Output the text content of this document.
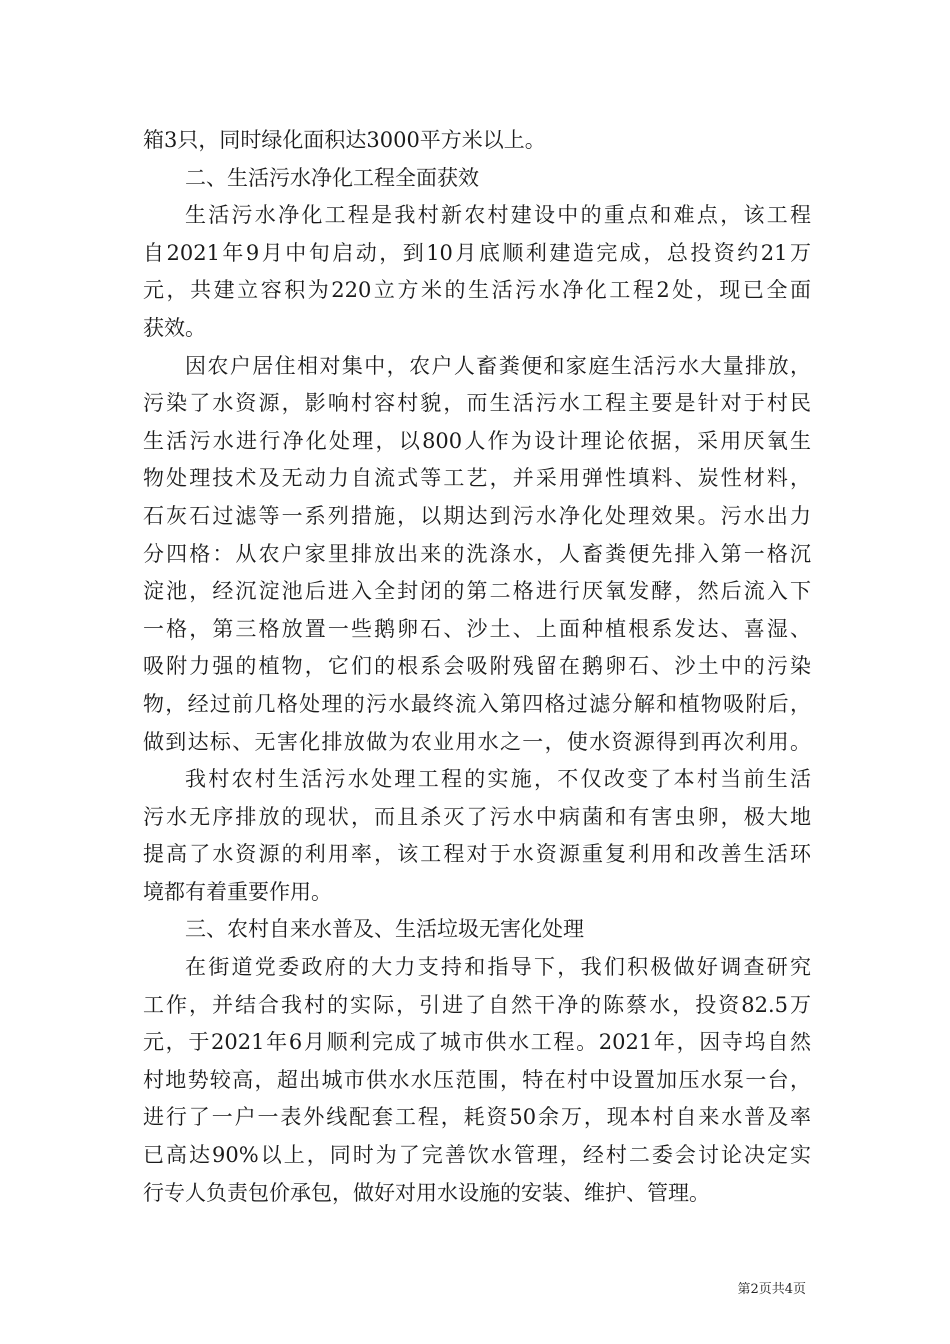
箱3只，同时绿化面积达3000平方米以上。
二、生活污水净化工程全面获效
生活污水净化工程是我村新农村建设中的重点和难点，该工程
自2021年9月中旬启动，到10月底顺利建造完成，总投资约21万
元，共建立容积为220立方米的生活污水净化工程2处，现已全面
获效。
因农户居住相对集中，农户人畜粪便和家庭生活污水大量排放，
污染了水资源，影响村容村貌，而生活污水工程主要是针对于村民
生活污水进行净化处理，以800人作为设计理论依据，采用厌氧生
物处理技术及无动力自流式等工艺，并采用弹性填料、炭性材料，
石灰石过滤等一系列措施，以期达到污水净化处理效果。污水出力
分四格：从农户家里排放出来的洗涤水，人畜粪便先排入第一格沉
淀池，经沉淀池后进入全封闭的第二格进行厌氧发酵，然后流入下
一格，第三格放置一些鹅卵石、沙土、上面种植根系发达、喜湿、
吸附力强的植物，它们的根系会吸附残留在鹅卵石、沙土中的污染
物，经过前几格处理的污水最终流入第四格过滤分解和植物吸附后，
做到达标、无害化排放做为农业用水之一，使水资源得到再次利用。
我村农村生活污水处理工程的实施，不仅改变了本村当前生活
污水无序排放的现状，而且杀灭了污水中病菌和有害虫卵，极大地
提高了水资源的利用率，该工程对于水资源重复利用和改善生活环
境都有着重要作用。
三、农村自来水普及、生活垃圾无害化处理
在街道党委政府的大力支持和指导下，我们积极做好调查研究
工作，并结合我村的实际，引进了自然干净的陈蔡水，投资82.5万
元，于2021年6月顺利完成了城市供水工程。2021年，因寺坞自然
村地势较高，超出城市供水水压范围，特在村中设置加压水泵一台，
进行了一户一表外线配套工程，耗资50余万，现本村自来水普及率
已高达90%以上，同时为了完善饮水管理，经村二委会讨论决定实
行专人负责包价承包，做好对用水设施的安装、维护、管理。
第2页共4页
